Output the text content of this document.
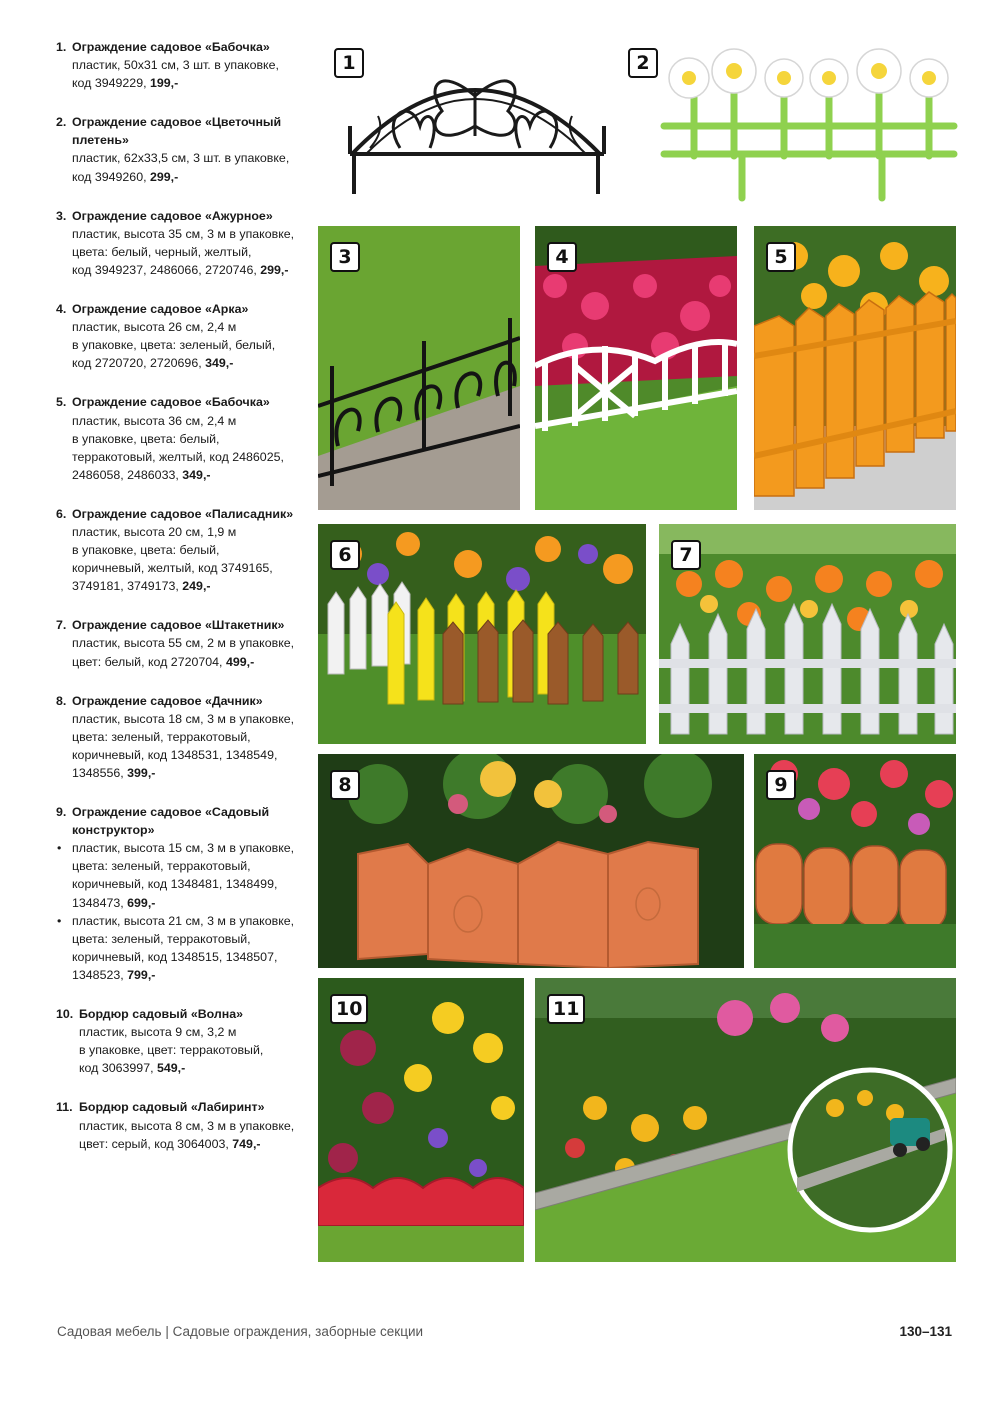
1. Ограждение садовое «Бабочка»
пластик, 50x31 см, 3 шт. в упаковке,
код 3949229, 199,-
2. Ограждение садовое «Цветочный плетень»
пластик, 62x33,5 см, 3 шт. в упаковке,
код 3949260, 299,-
3. Ограждение садовое «Ажурное»
пластик, высота 35 см, 3 м в упаковке,
цвета: белый, черный, желтый,
код 3949237, 2486066, 2720746, 299,-
4. Ограждение садовое «Арка»
пластик, высота 26 см, 2,4 м
в упаковке, цвета: зеленый, белый,
код 2720720, 2720696, 349,-
5. Ограждение садовое «Бабочка»
пластик, высота 36 см, 2,4 м
в упаковке, цвета: белый,
терракотовый, желтый, код 2486025,
2486058, 2486033, 349,-
6. Ограждение садовое «Палисадник»
пластик, высота 20 см, 1,9 м
в упаковке, цвета: белый,
коричневый, желтый, код 3749165,
3749181, 3749173, 249,-
7. Ограждение садовое «Штакетник»
пластик, высота 55 см, 2 м в упаковке,
цвет: белый, код 2720704, 499,-
8. Ограждение садовое «Дачник»
пластик, высота 18 см, 3 м в упаковке,
цвета: зеленый, терракотовый,
коричневый, код 1348531, 1348549,
1348556, 399,-
9. Ограждение садовое «Садовый конструктор»
• пластик, высота 15 см, 3 м в упаковке,
цвета: зеленый, терракотовый,
коричневый, код 1348481, 1348499,
1348473, 699,-
• пластик, высота 21 см, 3 м в упаковке,
цвета: зеленый, терракотовый,
коричневый, код 1348515, 1348507,
1348523, 799,-
10. Бордюр садовый «Волна»
пластик, высота 9 см, 3,2 м
в упаковке, цвет: терракотовый,
код 3063997, 549,-
11. Бордюр садовый «Лабиринт»
пластик, высота 8 см, 3 м в упаковке,
цвет: серый, код 3064003, 749,-
1	2
3	4	5
6	7
8	9
10	11
Садовая мебель | Садовые ограждения, заборные секции	130–131
